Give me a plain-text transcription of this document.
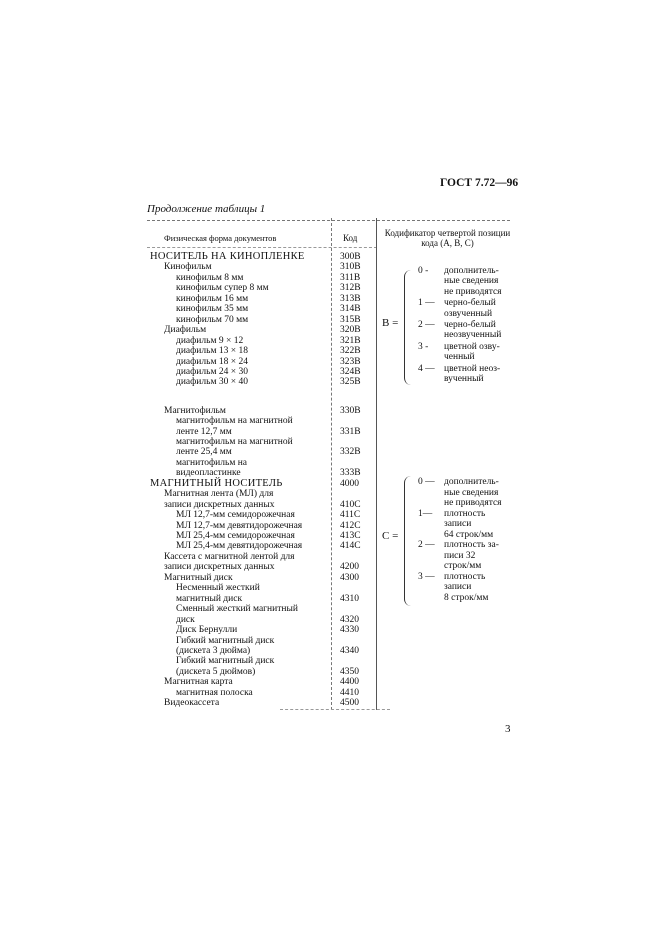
ГОСТ 7.72—96
Продолжение таблицы 1
Физическая форма документов	Код	Кодификатор четвертой позиции кода (А, В, С)
НОСИТЕЛЬ НА КИНОПЛЕНКЕ	300В
Кинофильм	310В
кинофильм 8 мм	311В
кинофильм супер 8 мм	312В
кинофильм 16 мм	313В
кинофильм 35 мм	314В
кинофильм 70 мм	315В
Диафильм	320В
диафильм 9 × 12	321В
диафильм 13 × 18	322В
диафильм 18 × 24	323В
диафильм 24 × 30	324В
диафильм 30 × 40	325В
Магнитофильм	330В
магнитофильм на магнитной
ленте 12,7 мм	331В
магнитофильм на магнитной
ленте 25,4 мм	332В
магнитофильм на
видеопластинке	333В
МАГНИТНЫЙ НОСИТЕЛЬ	4000
Магнитная лента (МЛ) для
записи дискретных данных	410С
МЛ 12,7-мм семидорожечная	411С
МЛ 12,7-мм девятидорожечная	412С
МЛ 25,4-мм семидорожечная	413С
МЛ 25,4-мм девятидорожечная	414С
Кассета с магнитной лентой для
записи дискретных данных	4200
Магнитный диск	4300
Несменный жесткий
магнитный диск	4310
Сменный жесткий магнитный
диск	4320
Диск Бернулли	4330
Гибкий магнитный диск
(дискета 3 дюйма)	4340
Гибкий магнитный диск
(дискета 5 дюймов)	4350
Магнитная карта	4400
магнитная полоска	4410
Видеокассета	4500
В =
0 -	дополнитель-
ные сведения
не приводятся
1 — черно-белый
озвученный
2 — черно-белый
неозвученный
3 -	цветной озву-
ченный
4 — цветной неоз-
вученный
С =
0 — дополнитель-
ные сведения
не приводятся
1—	плотность
записи
64 строк/мм
2 — плотность за-
писи 32
строк/мм
3 — плотность
записи
8 строк/мм
3
